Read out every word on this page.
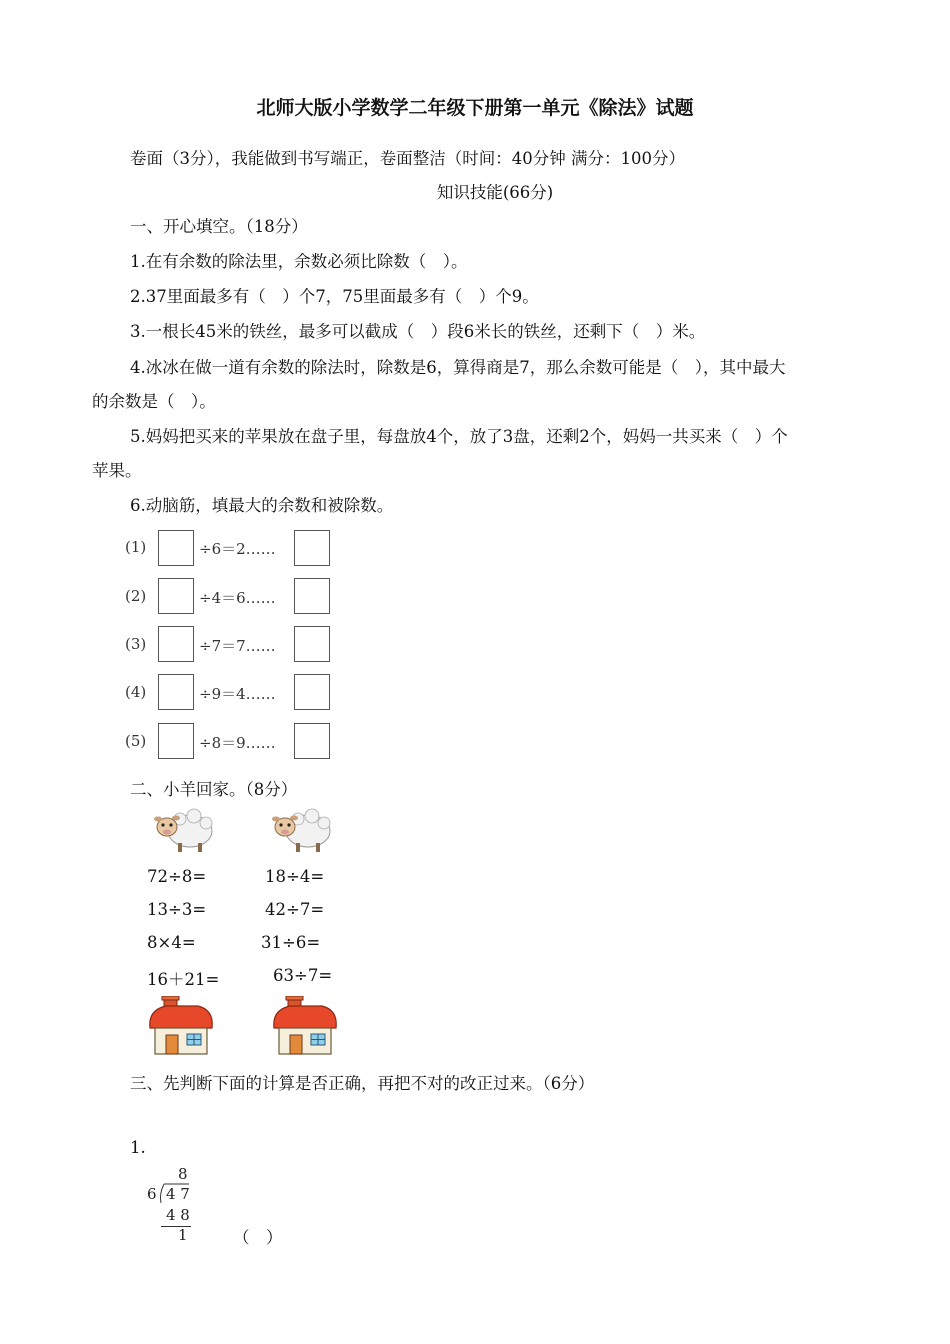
北师大版小学数学二年级下册第一单元《除法》试题
卷面（3分），我能做到书写端正，卷面整洁（时间：40分钟 满分：100分）
知识技能(66分)
一、开心填空。（18分）
1.在有余数的除法里，余数必须比除数（　）。
2.37里面最多有（　）个7，75里面最多有（　）个9。
3.一根长45米的铁丝，最多可以截成（　）段6米长的铁丝，还剩下（　）米。
4.冰冰在做一道有余数的除法时，除数是6，算得商是7，那么余数可能是（　），其中最大
的余数是（　）。
5.妈妈把买来的苹果放在盘子里，每盘放4个，放了3盘，还剩2个，妈妈一共买来（　）个
苹果。
6.动脑筋，填最大的余数和被除数。
(1)	÷6＝2……
(2)	÷4＝6……
(3)	÷7＝7……
(4)	÷9＝4……
(5)	÷8＝9……
二、小羊回家。（8分）
72÷8=
13÷3=
8×4=
16＋21=
18÷4=
42÷7=
31÷6=
63÷7=
三、先判断下面的计算是否正确，再把不对的改正过来。（6分）
1.
8
6 4 7
4 8
1	（　）
